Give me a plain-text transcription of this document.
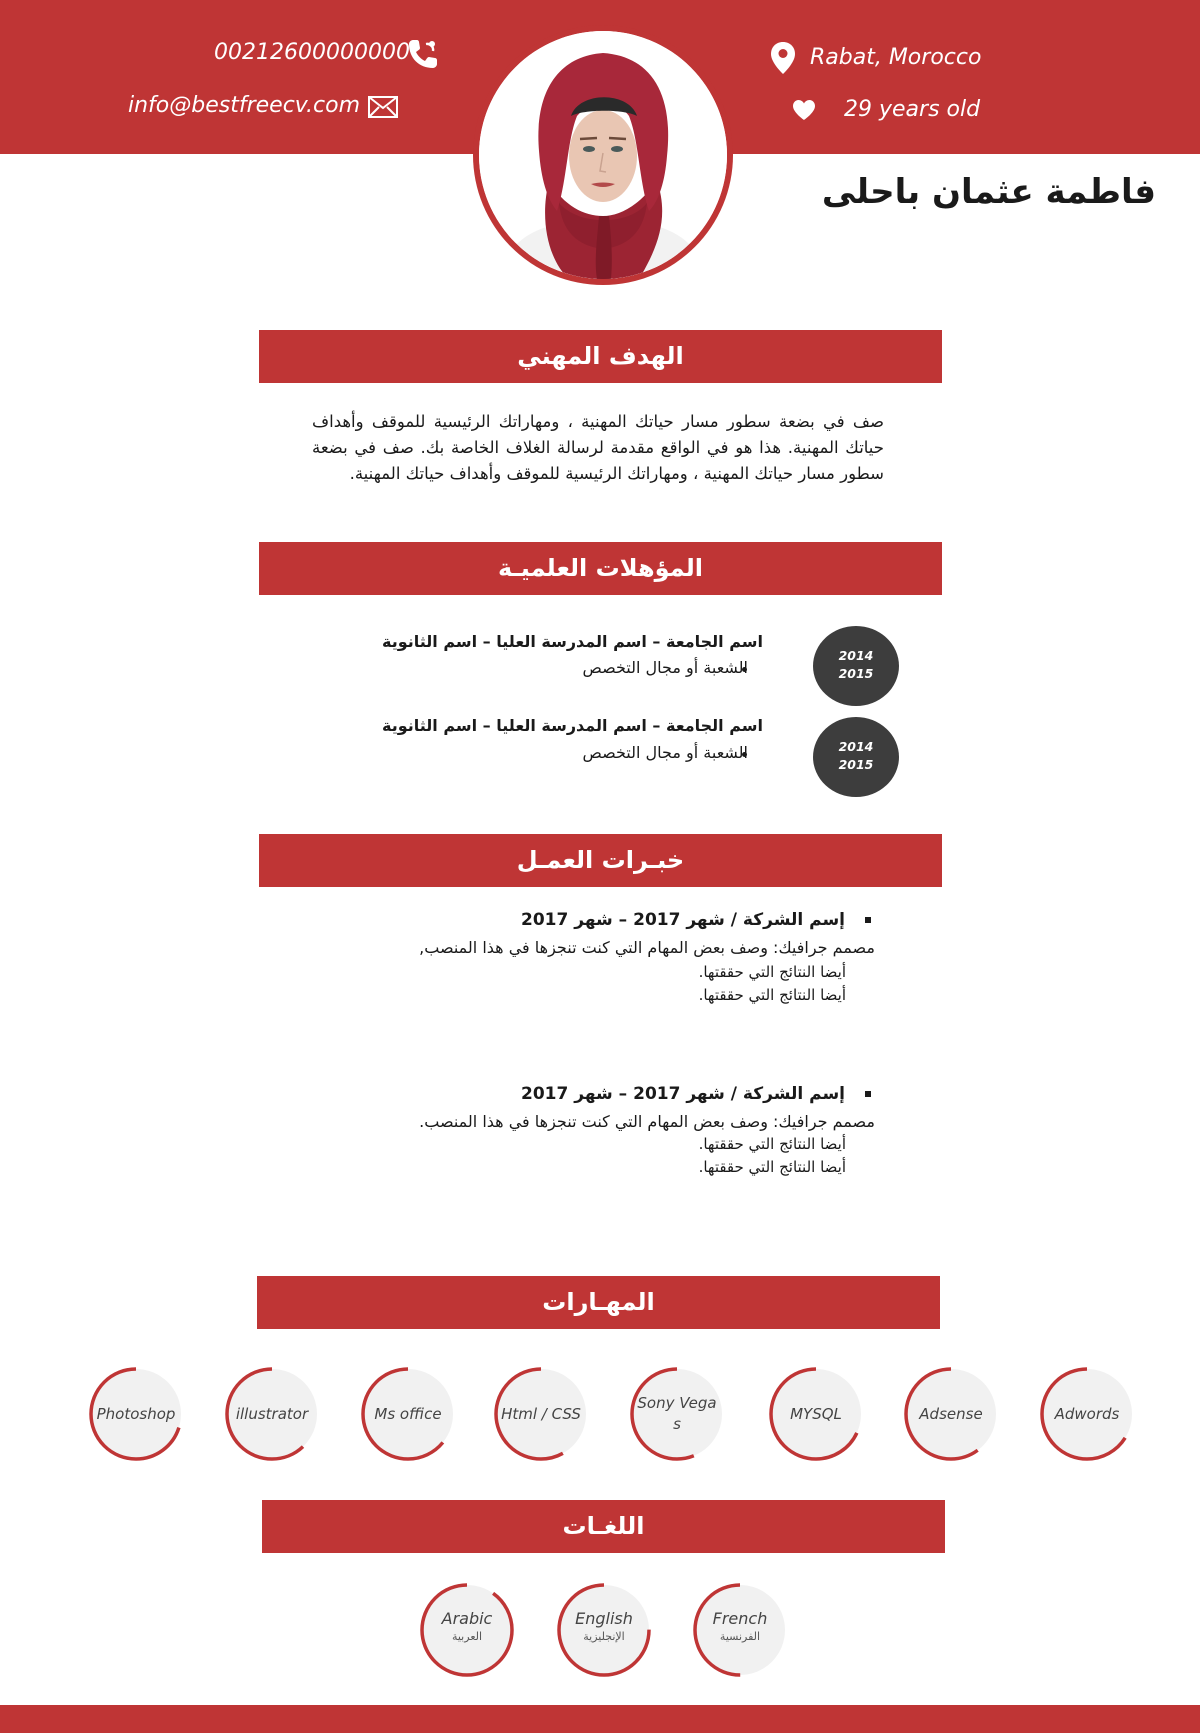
00212600000000
info@bestfreecv.com
Rabat, Morocco
29 years old
فاطمة عثمان باحلى
الهدف المهني
صف في بضعة سطور مسار حياتك المهنية ، ومهاراتك الرئيسية للموقف وأهداف حياتك المهنية. هذا هو في الواقع مقدمة لرسالة الغلاف الخاصة بك. صف في بضعة سطور مسار حياتك المهنية ، ومهاراتك الرئيسية للموقف وأهداف حياتك المهنية.
المؤهلات العلميـة
2014
2015
اسم الجامعة – اسم المدرسة العليا – اسم الثانوية
الشعبة أو مجال التخصص
2014
2015
اسم الجامعة – اسم المدرسة العليا – اسم الثانوية
الشعبة أو مجال التخصص
خبـرات العمـل
إسم الشركة / شهر 2017 – شهر 2017
مصمم جرافيك: وصف بعض المهام التي كنت تنجزها في هذا المنصب,
أيضا النتائج التي حققتها.
أيضا النتائج التي حققتها.
إسم الشركة / شهر 2017 – شهر 2017
مصمم جرافيك: وصف بعض المهام التي كنت تنجزها في هذا المنصب.
أيضا النتائج التي حققتها.
أيضا النتائج التي حققتها.
المهـارات
Photoshop	illustrator	Ms office	Html / CSS
Sony Vegas
MYSQL	Adsense	Adwords
اللغـات
Arabic
العربية
English
الإنجليزية
French
الفرنسية
